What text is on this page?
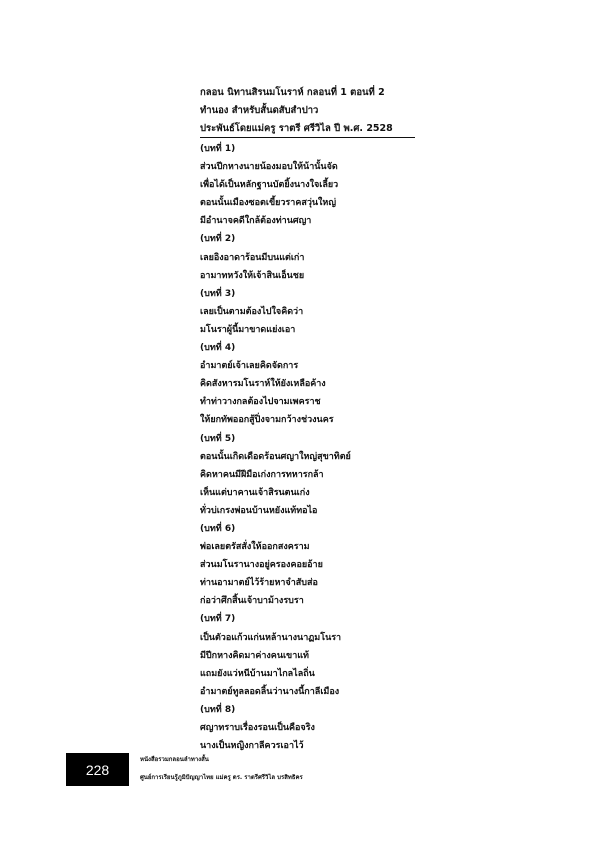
กลอน นิทานสิรนมโนราห์ กลอนที่ 1 ตอนที่ 2
ทำนอง สำหรับสั้นดสับสำปาว
ประพันธ์โดยแม่ครู ราตรี ศรีวิไล ปี พ.ศ. 2528
(บทที่ 1)
ส่วนปีกหางนายน้องมอบให้น้านั้นจัด
เพื่อได้เป็นหลักฐานบัตยิ้งนางใจเลี้ยว
ตอนนั้นเมืองซอตเขี้ยวราคสวุ่นใหญ่
มีอำนาจคดีใกล้ต้องท่านศญา
(บทที่ 2)
เลยอิงอาดาร้อนมีบนแต่เก่า
อามาทหวังให้เจ้าสินเอ็นชย
(บทที่ 3)
เลยเป็นตามต้องไปใจคิดว่า
มโนราผู้นี้มาขาดแย่งเอา
(บทที่ 4)
อำมาตย์เจ้าเลยคิดจัดการ
คิดสังหารมโนราห์ให้ยังเหลือค้าง
ทำท่าวางกลต้องไปจามเพคราช
ให้ยกทัพออกสู้ปิ่งจามกว้างช่วงนคร
(บทที่ 5)
ตอนนั้นเกิดเดือดร้อนศญาใหญ่สุขาทิตย์
คิดหาคนมีฝีมือเก่งการทหารกล้า
เห็นแต่บาคานเจ้าสิรนตนเก่ง
ทั่วบ่เกรงพ่อนบ้านหยังแท้ทอไอ
(บทที่ 6)
พ่อเลยตรัสสั่งให้ออกสงคราม
ส่วนมโนรานางอยู่ครองคอยอ้าย
ท่านอามาตย์ไว้ร้ายหาจำสับส่อ
ก่อว่าศึกสิ้นเจ้าบาม้างรบรา
(บทที่ 7)
เป็นตัวอแก้วแก่นหล้านางนาฏมโนรา
มีปีกหางคิดมาค่างคนเขาแท้
แถมยังแว่หนีบ้านมาไกลไลถิ่น
อำมาตย์ทูลลอดลิ้นว่านางนี้กาลีเมือง
(บทที่ 8)
ศญาทราบเรื่องรอนเป็นคือจริง
นางเป็นหญิงกาลีควรเอาไว้
228
หนังสือรวมกลอนลำทางสั้น
ศูนย์การเรียนรู้ภูมิปัญญาไทย แม่ครู ดร. ราตรีศรีวิไล บรสิทธิคร
